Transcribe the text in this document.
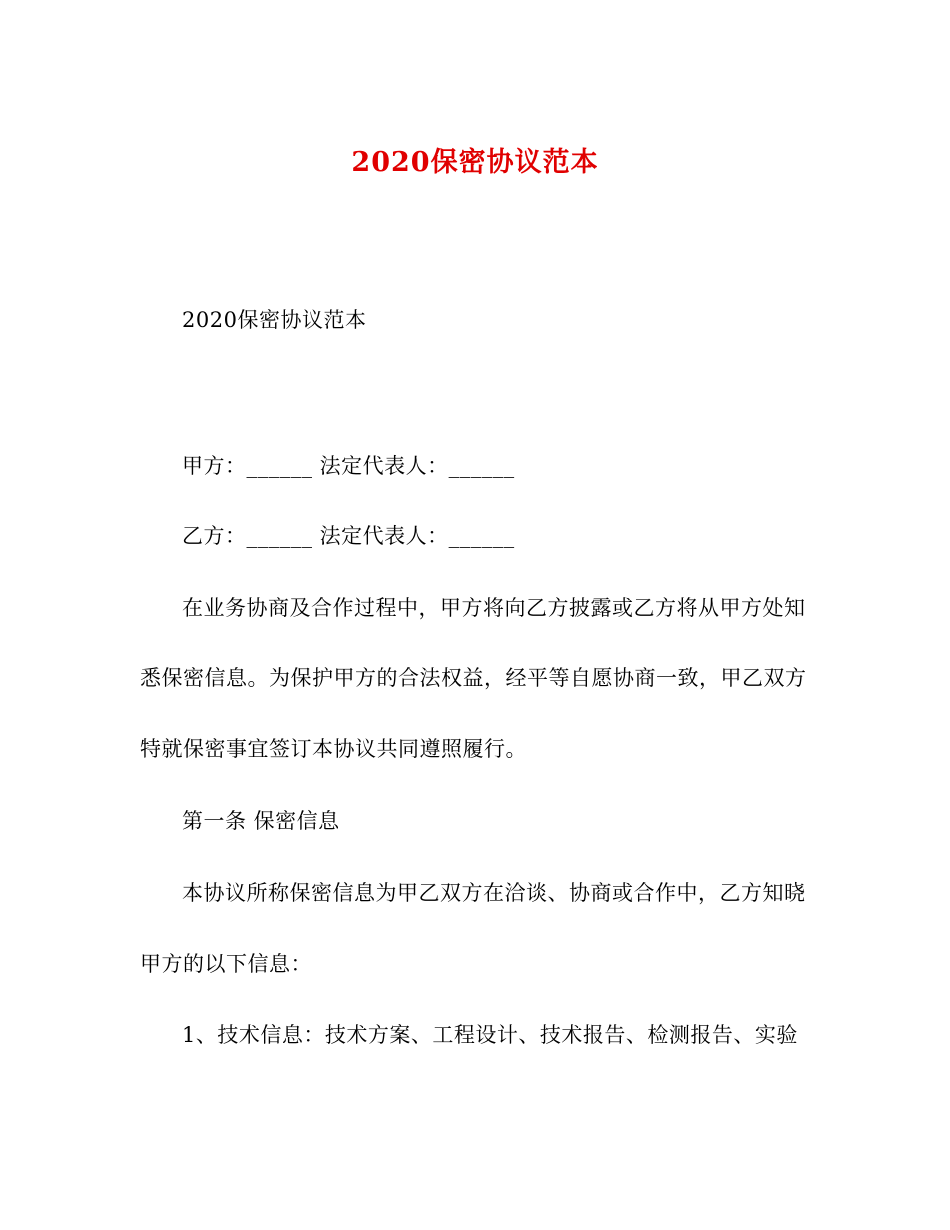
2020保密协议范本
2020保密协议范本
甲方：______ 法定代表人：______
乙方：______ 法定代表人：______
在业务协商及合作过程中，甲方将向乙方披露或乙方将从甲方处知
悉保密信息。为保护甲方的合法权益，经平等自愿协商一致，甲乙双方
特就保密事宜签订本协议共同遵照履行。
第一条 保密信息
本协议所称保密信息为甲乙双方在洽谈、协商或合作中，乙方知晓
甲方的以下信息：
1、技术信息：技术方案、工程设计、技术报告、检测报告、实验
